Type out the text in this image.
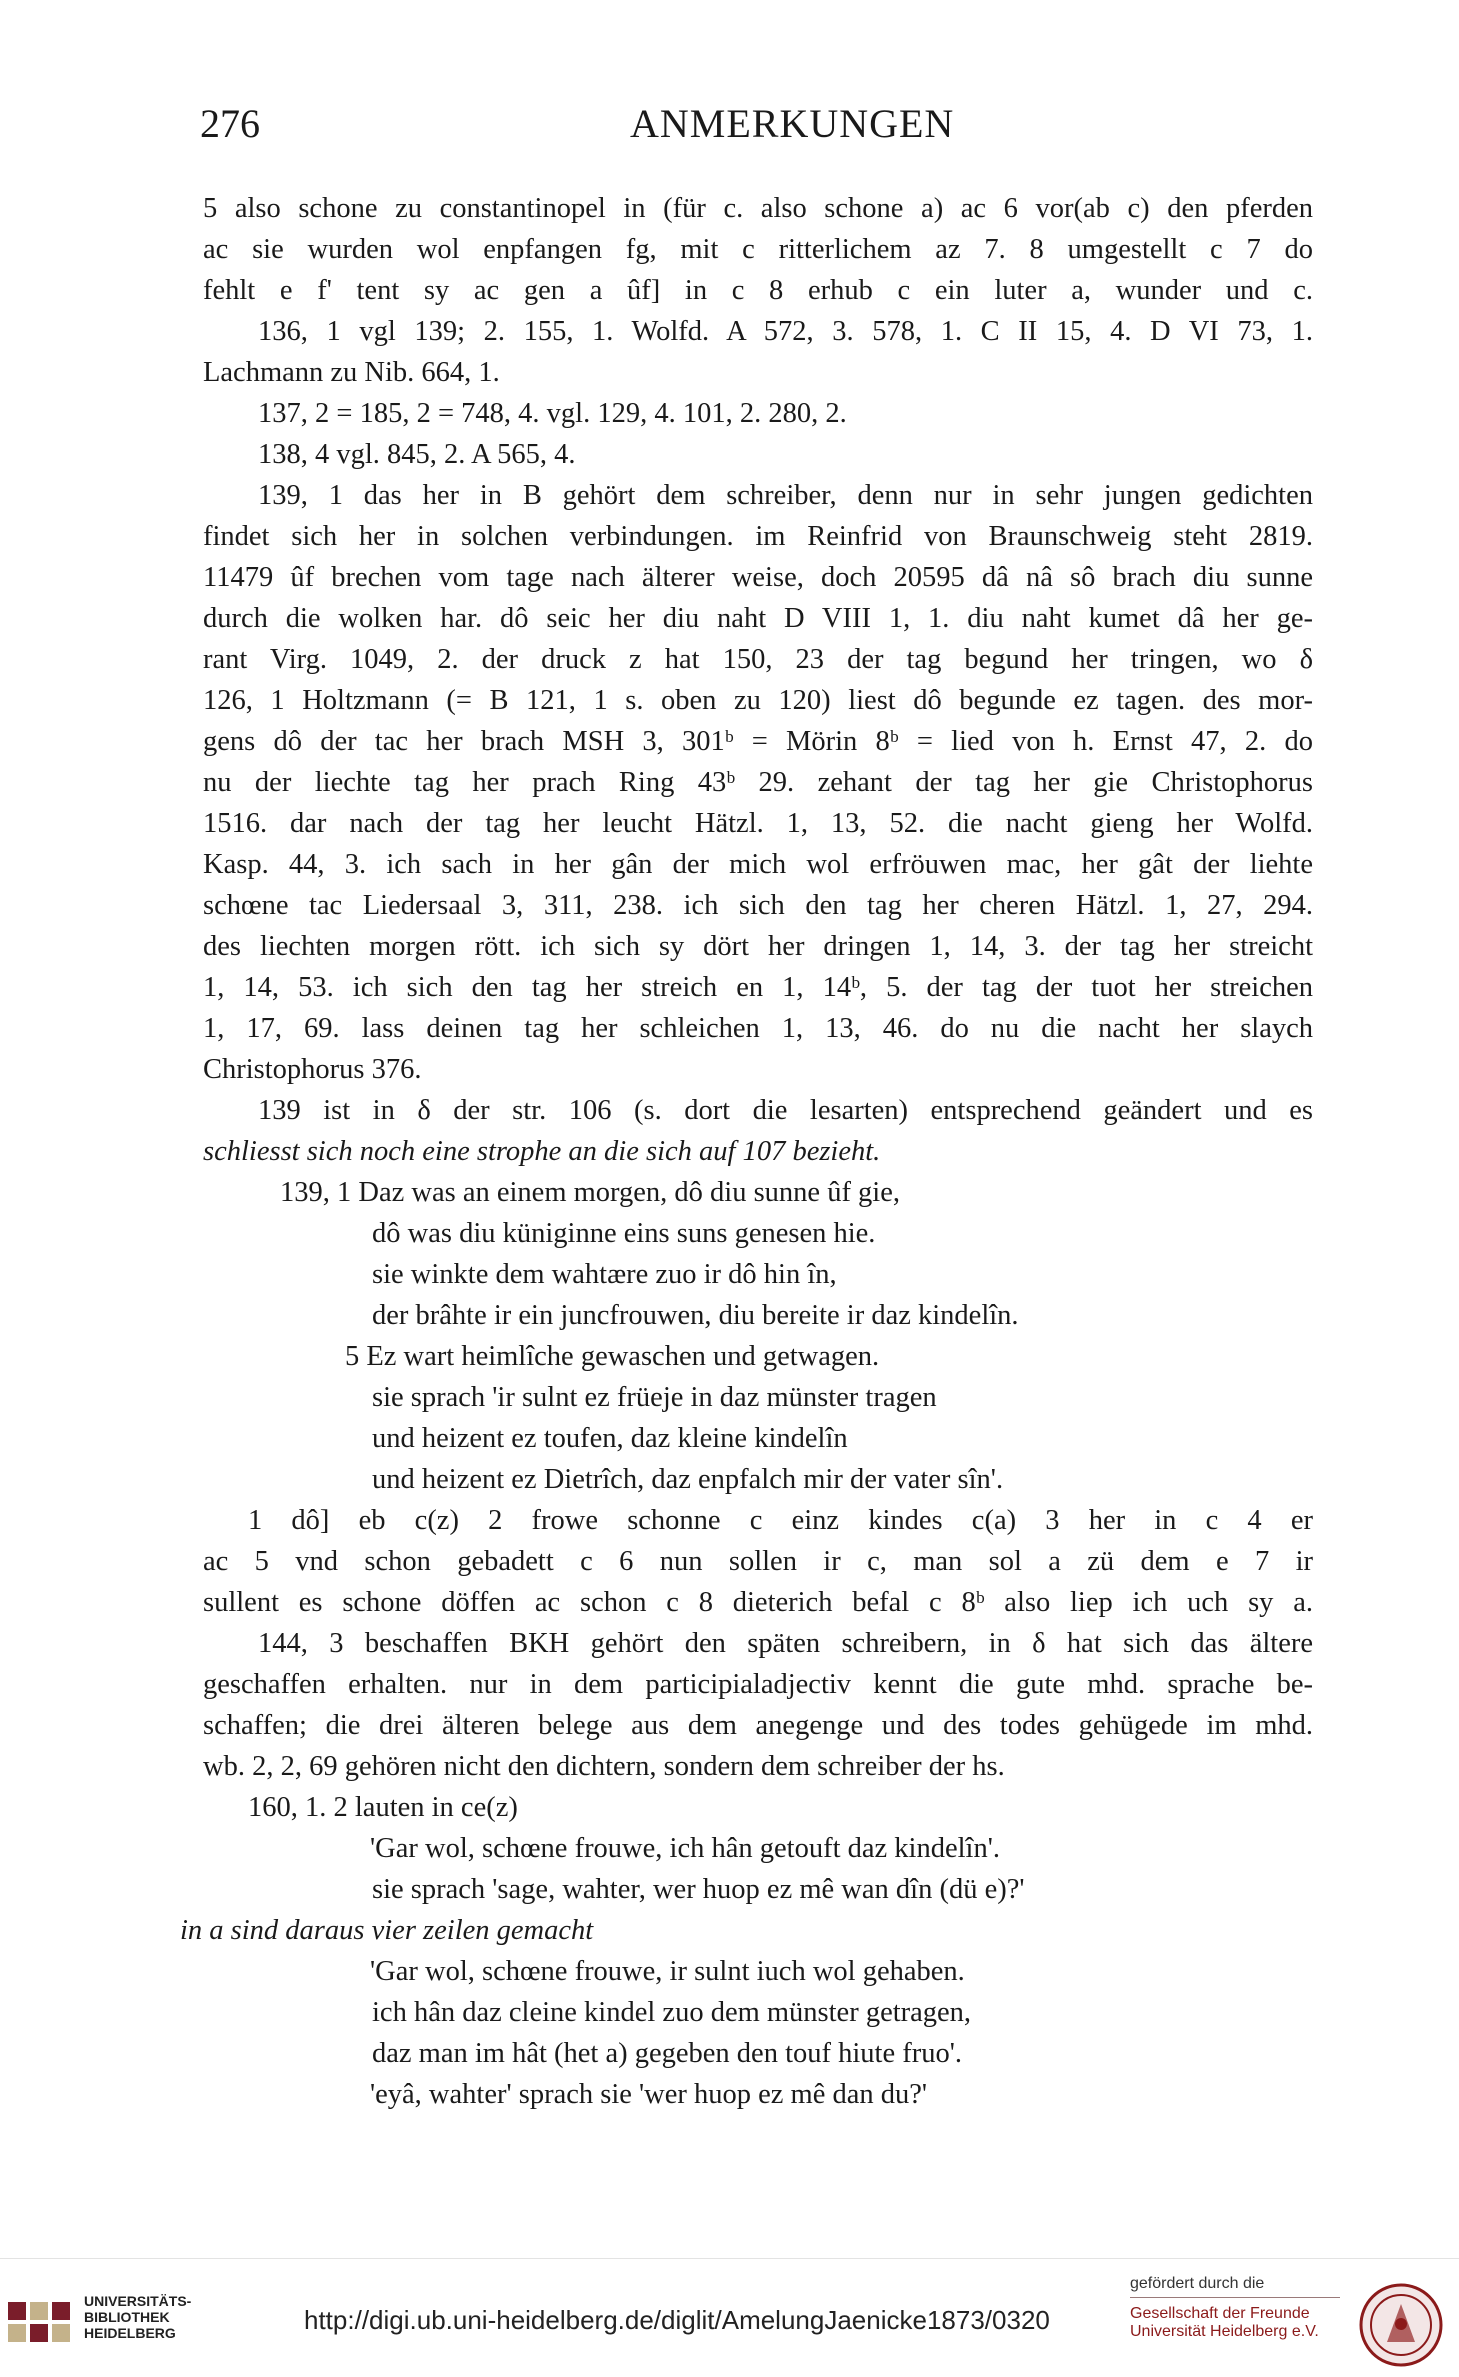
276	ANMERKUNGEN
5 also schone zu constantinopel in (für c. also schone a) ac 6 vor(ab c) den pferden
ac sie wurden wol enpfangen fg, mit c ritterlichem az 7. 8 umgestellt c 7 do
fehlt e f' tent sy ac gen a ûf] in c 8 erhub c ein luter a, wunder und c.
136, 1 vgl 139; 2. 155, 1. Wolfd. A 572, 3. 578, 1. C II 15, 4. D VI 73, 1.
Lachmann zu Nib. 664, 1.
137, 2 = 185, 2 = 748, 4. vgl. 129, 4. 101, 2. 280, 2.
138, 4 vgl. 845, 2. A 565, 4.
139, 1 das her in B gehört dem schreiber, denn nur in sehr jungen gedichten
findet sich her in solchen verbindungen. im Reinfrid von Braunschweig steht 2819.
11479 ûf brechen vom tage nach älterer weise, doch 20595 dâ nâ sô brach diu sunne
durch die wolken har. dô seic her diu naht D VIII 1, 1. diu naht kumet dâ her ge-
rant Virg. 1049, 2. der druck z hat 150, 23 der tag begund her tringen, wo δ
126, 1 Holtzmann (= B 121, 1 s. oben zu 120) liest dô begunde ez tagen. des mor-
gens dô der tac her brach MSH 3, 301ᵇ = Mörin 8ᵇ = lied von h. Ernst 47, 2. do
nu der liechte tag her prach Ring 43ᵇ 29. zehant der tag her gie Christophorus
1516. dar nach der tag her leucht Hätzl. 1, 13, 52. die nacht gieng her Wolfd.
Kasp. 44, 3. ich sach in her gân der mich wol erfröuwen mac, her gât der liehte
schœne tac Liedersaal 3, 311, 238. ich sich den tag her cheren Hätzl. 1, 27, 294.
des liechten morgen rött. ich sich sy dört her dringen 1, 14, 3. der tag her streicht
1, 14, 53. ich sich den tag her streich en 1, 14ᵇ, 5. der tag der tuot her streichen
1, 17, 69. lass deinen tag her schleichen 1, 13, 46. do nu die nacht her slaych
Christophorus 376.
139 ist in δ der str. 106 (s. dort die lesarten) entsprechend geändert und es
schliesst sich noch eine strophe an die sich auf 107 bezieht.
139, 1 Daz was an einem morgen, dô diu sunne ûf gie,
dô was diu küniginne eins suns genesen hie.
sie winkte dem wahtære zuo ir dô hin în,
der brâhte ir ein juncfrouwen, diu bereite ir daz kindelîn.
5 Ez wart heimlîche gewaschen und getwagen.
sie sprach 'ir sulnt ez früeje in daz münster tragen
und heizent ez toufen, daz kleine kindelîn
und heizent ez Dietrîch, daz enpfalch mir der vater sîn'.
1 dô] eb c(z) 2 frowe schonne c einz kindes c(a) 3 her in c 4 er
ac 5 vnd schon gebadett c 6 nun sollen ir c, man sol a zü dem e 7 ir
sullent es schone döffen ac schon c 8 dieterich befal c 8ᵇ also liep ich uch sy a.
144, 3 beschaffen BKH gehört den späten schreibern, in δ hat sich das ältere
geschaffen erhalten. nur in dem participialadjectiv kennt die gute mhd. sprache be-
schaffen; die drei älteren belege aus dem anegenge und des todes gehügede im mhd.
wb. 2, 2, 69 gehören nicht den dichtern, sondern dem schreiber der hs.
160, 1. 2 lauten in ce(z)
'Gar wol, schœne frouwe, ich hân getouft daz kindelîn'.
sie sprach 'sage, wahter, wer huop ez mê wan dîn (dü e)?'
in a sind daraus vier zeilen gemacht
'Gar wol, schœne frouwe, ir sulnt iuch wol gehaben.
ich hân daz cleine kindel zuo dem münster getragen,
daz man im hât (het a) gegeben den touf hiute fruo'.
'eyâ, wahter' sprach sie 'wer huop ez mê dan du?'
UNIVERSITÄTS-
BIBLIOTHEK
HEIDELBERG	http://digi.ub.uni-heidelberg.de/diglit/AmelungJaenicke1873/0320
gefördert durch die
Gesellschaft der Freunde
Universität Heidelberg e.V.
